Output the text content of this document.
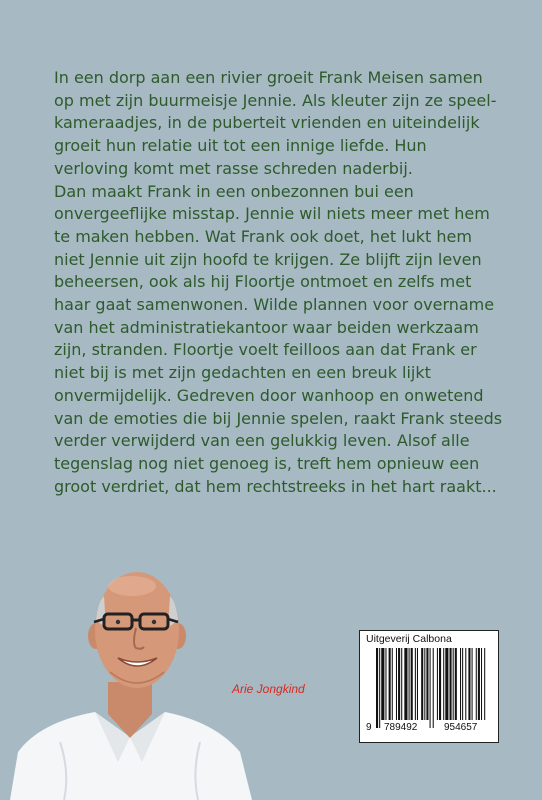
In een dorp aan een rivier groeit Frank Meisen samen
op met zijn buurmeisje Jennie. Als kleuter zijn ze speel-
kameraadjes, in de puberteit vrienden en uiteindelijk
groeit hun relatie uit tot een innige liefde. Hun
verloving komt met rasse schreden naderbij.
Dan maakt Frank in een onbezonnen bui een
onvergeeflijke misstap. Jennie wil niets meer met hem
te maken hebben. Wat Frank ook doet, het lukt hem
niet Jennie uit zijn hoofd te krijgen. Ze blijft zijn leven
beheersen, ook als hij Floortje ontmoet en zelfs met
haar gaat samenwonen. Wilde plannen voor overname
van het administratiekantoor waar beiden werkzaam
zijn, stranden. Floortje voelt feilloos aan dat Frank er
niet bij is met zijn gedachten en een breuk lijkt
onvermijdelijk. Gedreven door wanhoop en onwetend
van de emoties die bij Jennie spelen, raakt Frank steeds
verder verwijderd van een gelukkig leven. Alsof alle
tegenslag nog niet genoeg is, treft hem opnieuw een
groot verdriet, dat hem rechtstreeks in het hart raakt...

Arie Jongkind
Uitgeverij Calbona
9 789492	954657
